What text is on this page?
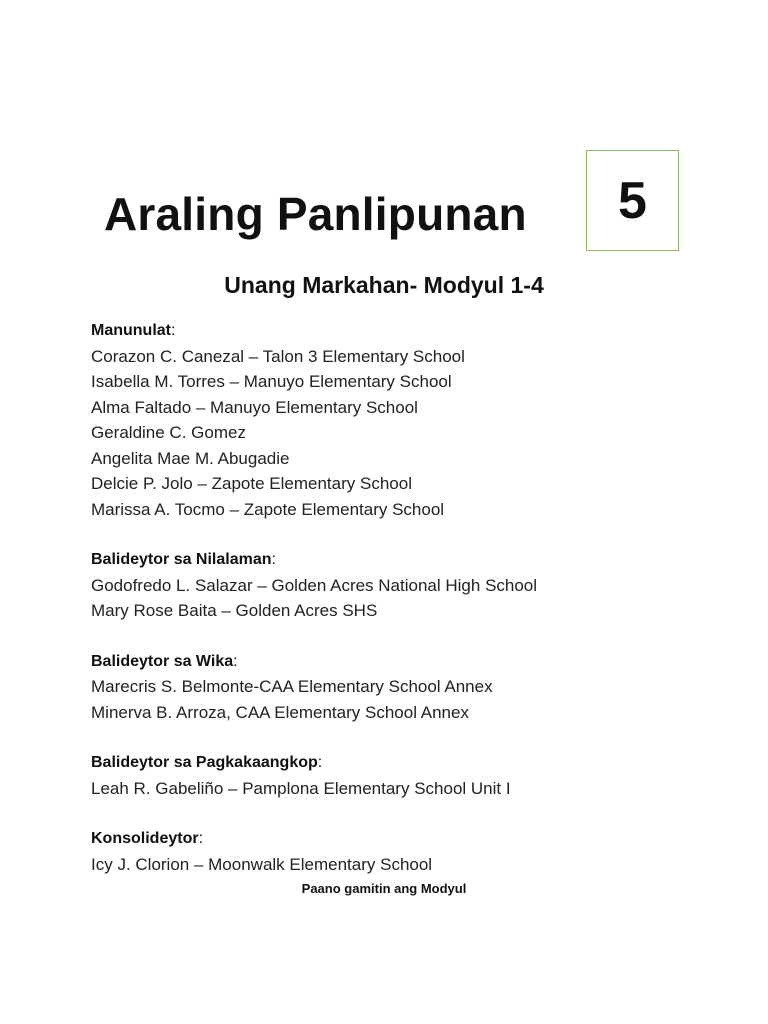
Araling Panlipunan	5
Unang Markahan- Modyul 1-4
Manunulat:
Corazon C. Canezal – Talon 3 Elementary School
Isabella M. Torres – Manuyo Elementary School
Alma Faltado – Manuyo Elementary School
Geraldine C. Gomez
Angelita Mae M. Abugadie
Delcie P. Jolo – Zapote Elementary School
Marissa A. Tocmo – Zapote Elementary School
Balideytor sa Nilalaman:
Godofredo L. Salazar – Golden Acres National High School
Mary Rose Baita – Golden Acres SHS
Balideytor sa Wika:
Marecris S. Belmonte-CAA Elementary School Annex
Minerva B. Arroza, CAA Elementary School Annex
Balideytor sa Pagkakaangkop:
Leah R. Gabeliño – Pamplona Elementary School Unit I
Konsolideytor:
Icy J. Clorion – Moonwalk Elementary School
Paano gamitin ang Modyul
